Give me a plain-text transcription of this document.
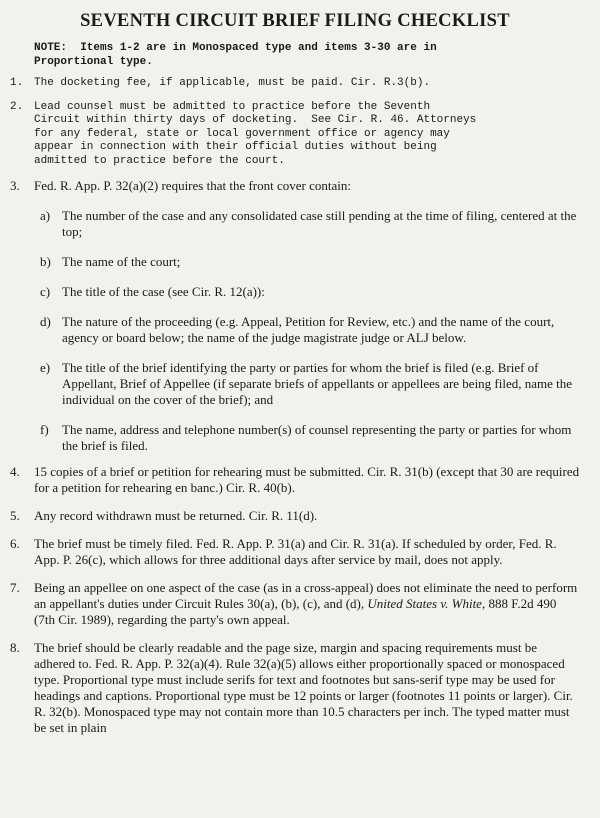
SEVENTH CIRCUIT BRIEF FILING CHECKLIST
NOTE:  Items 1-2 are in Monospaced type and items 3-30 are in
Proportional type.
1. The docketing fee, if applicable, must be paid. Cir. R.3(b).
2. Lead counsel must be admitted to practice before the Seventh
Circuit within thirty days of docketing.  See Cir. R. 46. Attorneys
for any federal, state or local government office or agency may
appear in connection with their official duties without being
admitted to practice before the court.
3.	Fed. R. App. P. 32(a)(2) requires that the front cover contain:
a) The number of the case and any consolidated case still pending at the time of filing, centered at the top;
b) The name of the court;
c) The title of the case (see Cir. R. 12(a)):
d) The nature of the proceeding (e.g. Appeal, Petition for Review, etc.) and the name of the court, agency or board below; the name of the judge magistrate judge or ALJ below.
e) The title of the brief identifying the party or parties for whom the brief is filed (e.g. Brief of Appellant, Brief of Appellee (if separate briefs of appellants or appellees are being filed, name the individual on the cover of the brief); and
f)	The name, address and telephone number(s) of counsel representing the party or parties for whom the brief is filed.
4.	15 copies of a brief or petition for rehearing must be submitted. Cir. R. 31(b) (except that 30 are required for a petition for rehearing en banc.) Cir. R. 40(b).
5.	Any record withdrawn must be returned. Cir. R. 11(d).
6.	The brief must be timely filed. Fed. R. App. P. 31(a) and Cir. R. 31(a). If scheduled by order, Fed. R. App. P. 26(c), which allows for three additional days after service by mail, does not apply.
7.	Being an appellee on one aspect of the case (as in a cross-appeal) does not eliminate the need to perform an appellant's duties under Circuit Rules 30(a), (b), (c), and (d), United States v. White, 888 F.2d 490 (7th Cir. 1989), regarding the party's own appeal.
8.	The brief should be clearly readable and the page size, margin and spacing requirements must be adhered to. Fed. R. App. P. 32(a)(4). Rule 32(a)(5) allows either proportionally spaced or monospaced type. Proportional type must include serifs for text and footnotes but sans-serif type may be used for headings and captions. Proportional type must be 12 points or larger (footnotes 11 points or larger). Cir. R. 32(b). Monospaced type may not contain more than 10.5 characters per inch. The typed matter must be set in plain
